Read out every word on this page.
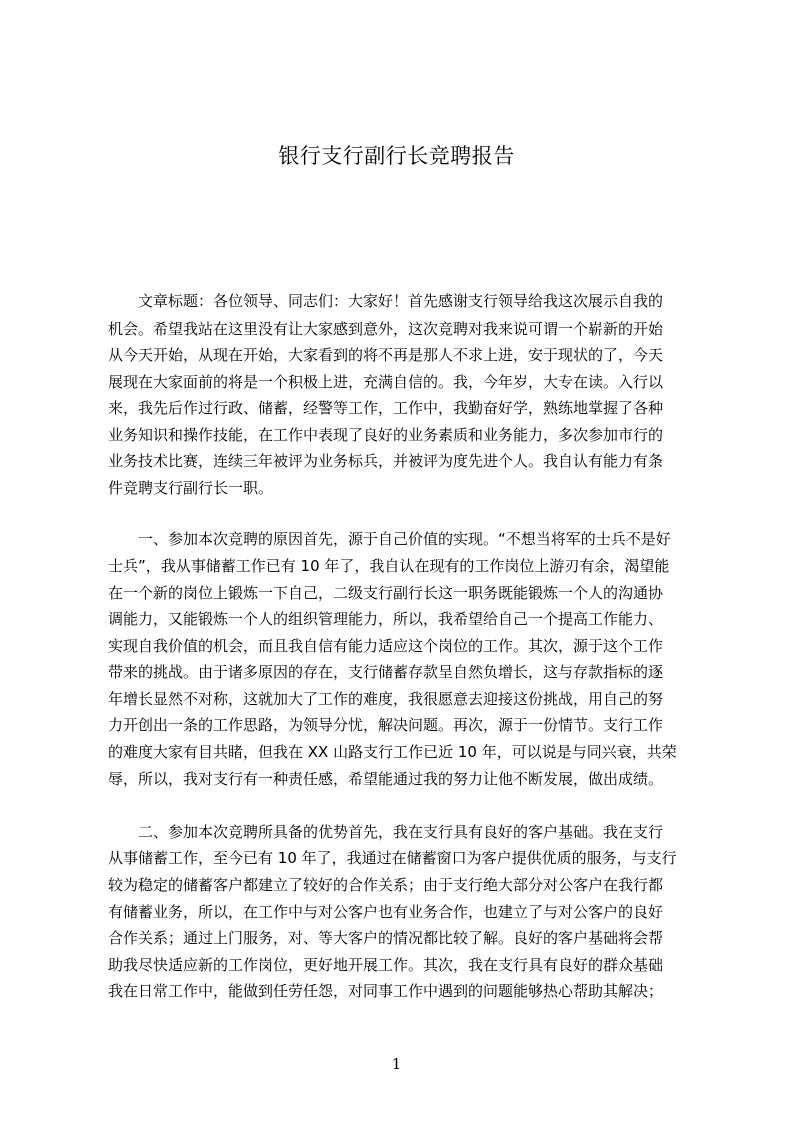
银行支行副行长竞聘报告
文章标题：各位领导、同志们：大家好！首先感谢支行领导给我这次展示自我的
机会。希望我站在这里没有让大家感到意外，这次竞聘对我来说可谓一个崭新的开始
从今天开始，从现在开始，大家看到的将不再是那人不求上进，安于现状的了，今天
展现在大家面前的将是一个积极上进，充满自信的。我，今年岁，大专在读。入行以
来，我先后作过行政、储蓄，经警等工作，工作中，我勤奋好学，熟练地掌握了各种
业务知识和操作技能，在工作中表现了良好的业务素质和业务能力，多次参加市行的
业务技术比赛，连续三年被评为业务标兵，并被评为度先进个人。我自认有能力有条
件竞聘支行副行长一职。
一、参加本次竞聘的原因首先，源于自己价值的实现。“不想当将军的士兵不是好
士兵”，我从事储蓄工作已有 10 年了，我自认在现有的工作岗位上游刃有余，渴望能
在一个新的岗位上锻炼一下自己，二级支行副行长这一职务既能锻炼一个人的沟通协
调能力，又能锻炼一个人的组织管理能力，所以，我希望给自己一个提高工作能力、
实现自我价值的机会，而且我自信有能力适应这个岗位的工作。其次，源于这个工作
带来的挑战。由于诸多原因的存在，支行储蓄存款呈自然负增长，这与存款指标的逐
年增长显然不对称，这就加大了工作的难度，我很愿意去迎接这份挑战，用自己的努
力开创出一条的工作思路，为领导分忧，解决问题。再次，源于一份情节。支行工作
的难度大家有目共睹，但我在 XX 山路支行工作已近 10 年，可以说是与同兴衰，共荣
辱，所以，我对支行有一种责任感，希望能通过我的努力让他不断发展，做出成绩。
二、参加本次竞聘所具备的优势首先，我在支行具有良好的客户基础。我在支行
从事储蓄工作，至今已有 10 年了，我通过在储蓄窗口为客户提供优质的服务，与支行
较为稳定的储蓄客户都建立了较好的合作关系；由于支行绝大部分对公客户在我行都
有储蓄业务，所以，在工作中与对公客户也有业务合作，也建立了与对公客户的良好
合作关系；通过上门服务，对、等大客户的情况都比较了解。良好的客户基础将会帮
助我尽快适应新的工作岗位，更好地开展工作。其次，我在支行具有良好的群众基础
我在日常工作中，能做到任劳任怨，对同事工作中遇到的问题能够热心帮助其解决；
1
